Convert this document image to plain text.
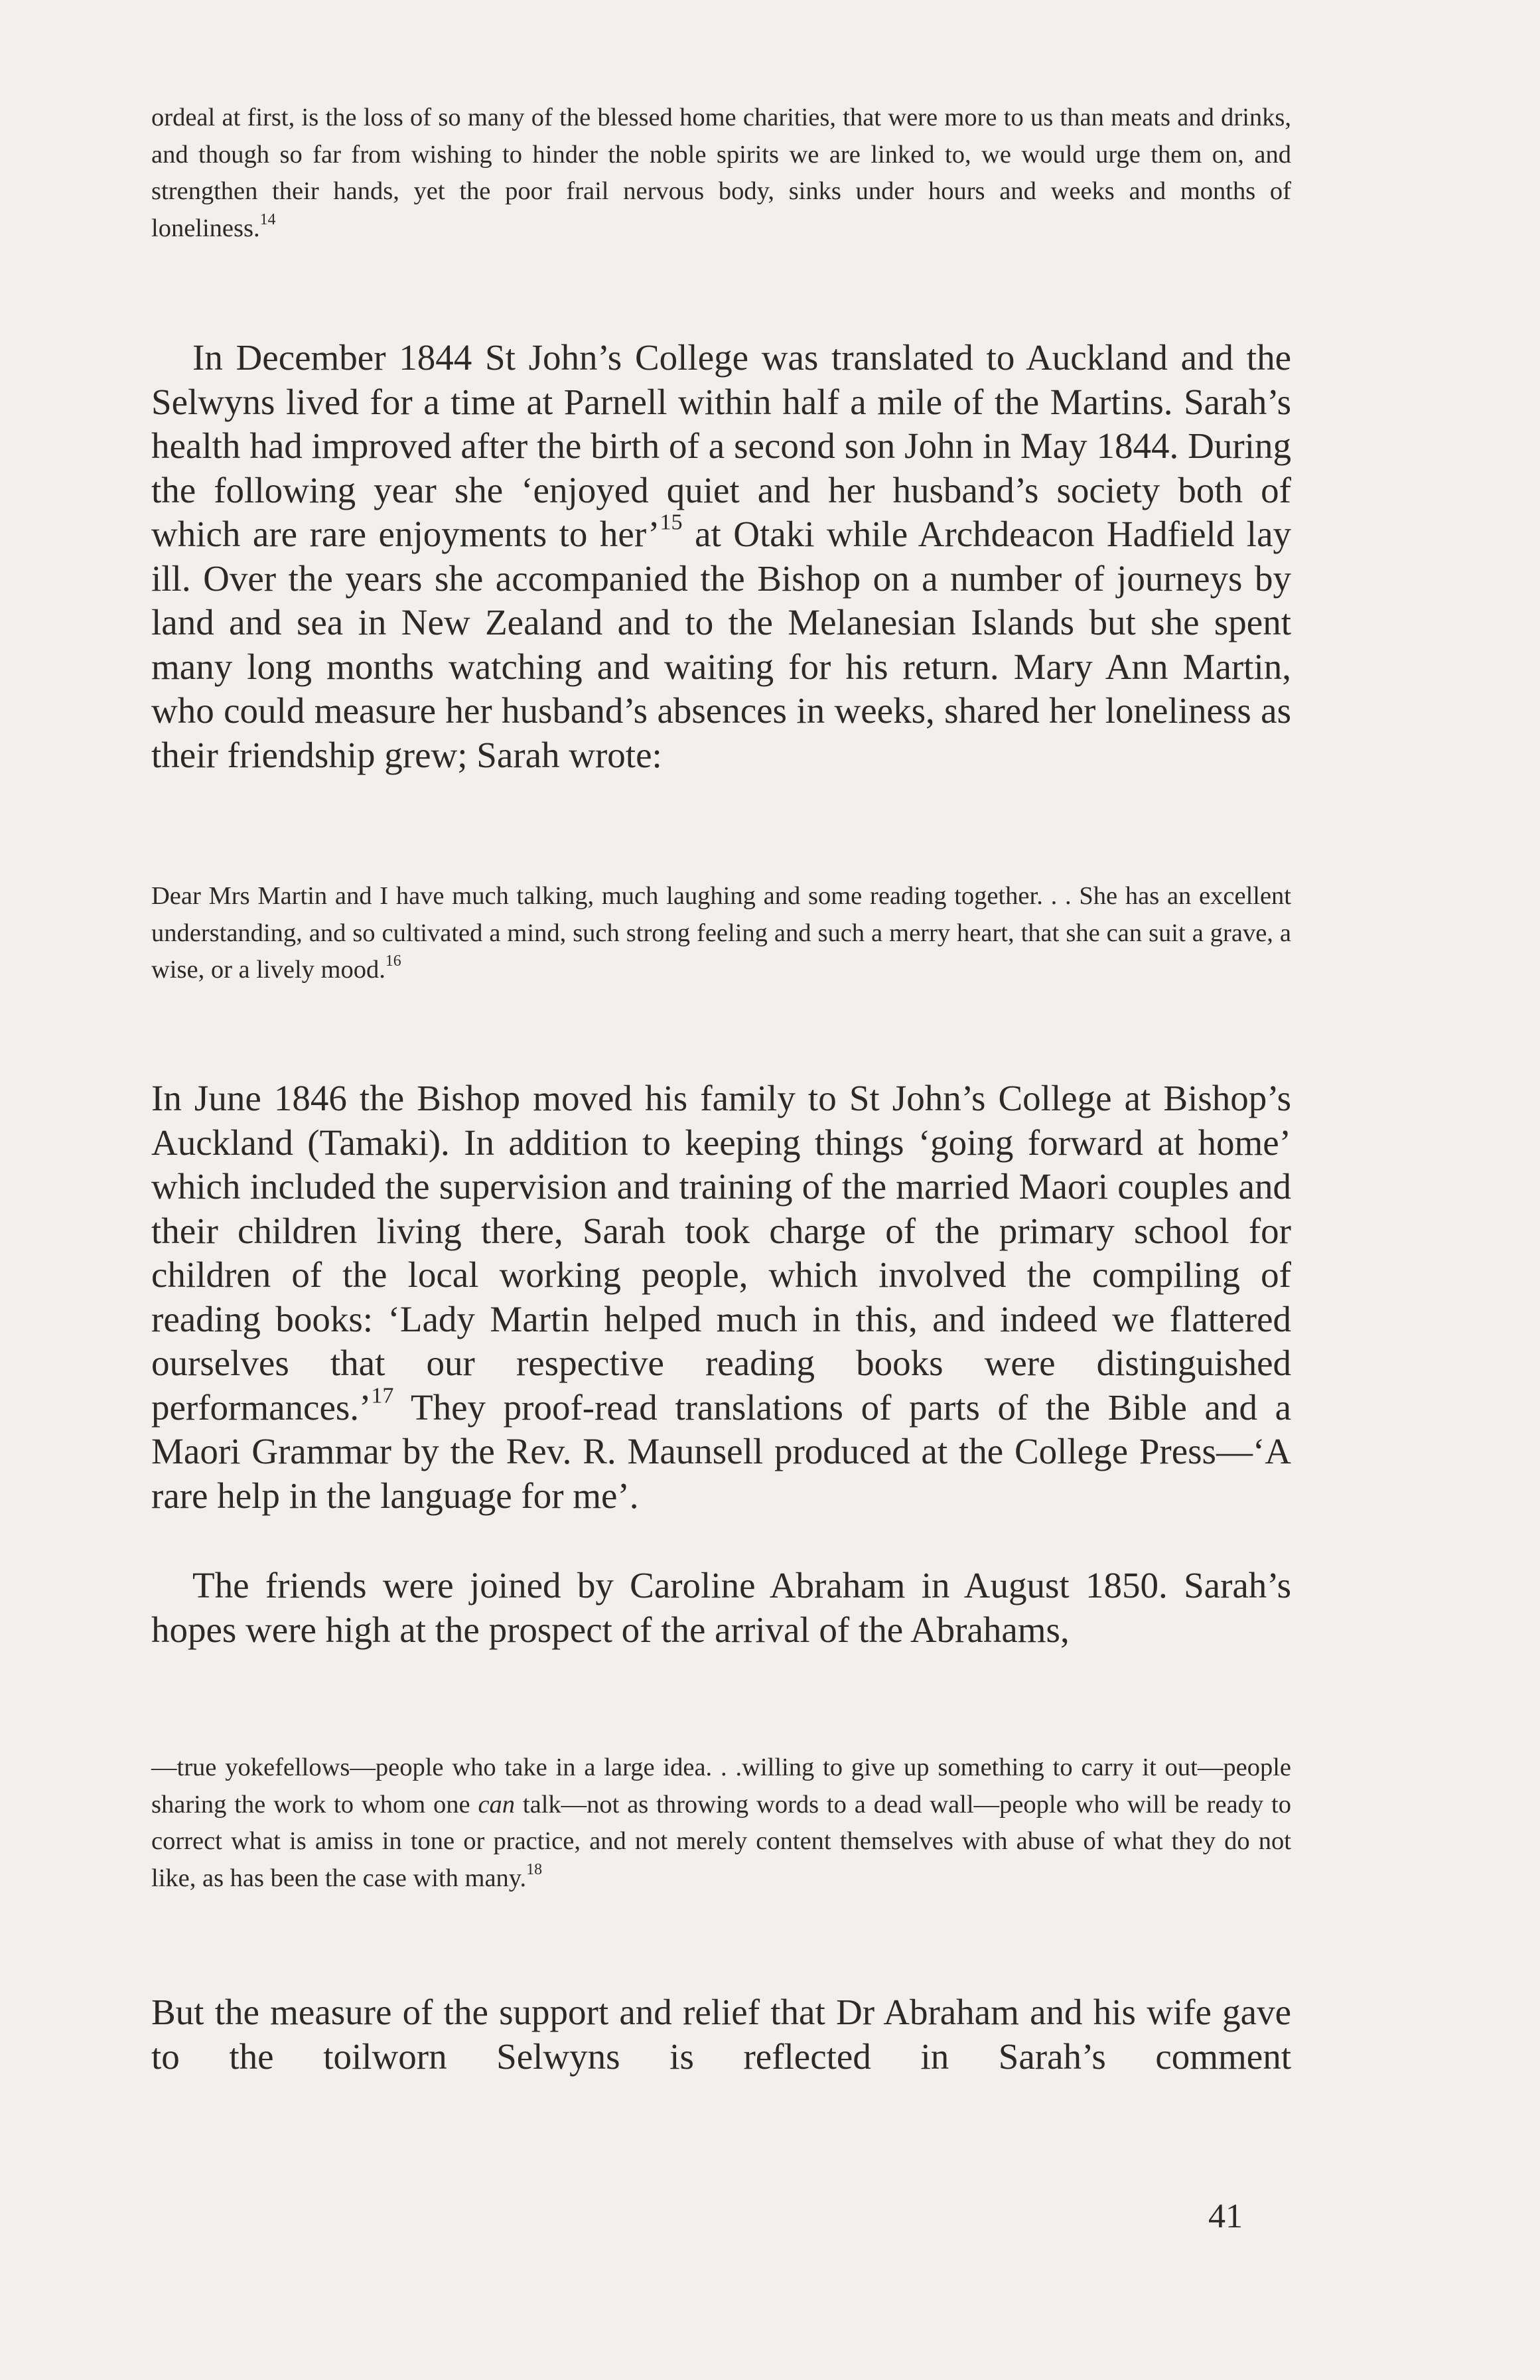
ordeal at first, is the loss of so many of the blessed home charities, that were more to us than meats and drinks, and though so far from wishing to hinder the noble spirits we are linked to, we would urge them on, and strengthen their hands, yet the poor frail nervous body, sinks under hours and weeks and months of loneliness.$^{14}$

In December 1844 St John’s College was translated to Auckland and the Selwyns lived for a time at Parnell within half a mile of the Martins. Sarah’s health had improved after the birth of a second son John in May 1844. During the following year she ‘enjoyed quiet and her husband’s society both of which are rare enjoyments to her’$^{15}$ at Otaki while Archdeacon Hadfield lay ill. Over the years she accompanied the Bishop on a number of journeys by land and sea in New Zealand and to the Melanesian Islands but she spent many long months watching and waiting for his return. Mary Ann Martin, who could measure her husband’s absences in weeks, shared her loneliness as their friendship grew; Sarah wrote:

Dear Mrs Martin and I have much talking, much laughing and some reading together. . . She has an excellent understanding, and so cultivated a mind, such strong feeling and such a merry heart, that she can suit a grave, a wise, or a lively mood.$^{16}$

In June 1846 the Bishop moved his family to St John’s College at Bishop’s Auckland (Tamaki). In addition to keeping things ‘going forward at home’ which included the supervision and training of the married Maori couples and their children living there, Sarah took charge of the primary school for children of the local working people, which involved the compiling of reading books: ‘Lady Martin helped much in this, and indeed we flattered ourselves that our respective reading books were distinguished performances.’$^{17}$ They proof-read translations of parts of the Bible and a Maori Grammar by the Rev. R. Maunsell produced at the College Press—‘A rare help in the language for me’.

The friends were joined by Caroline Abraham in August 1850. Sarah’s hopes were high at the prospect of the arrival of the Abrahams,

—true yokefellows—people who take in a large idea. . .willing to give up something to carry it out—people sharing the work to whom one can talk—not as throwing words to a dead wall—people who will be ready to correct what is amiss in tone or practice, and not merely content themselves with abuse of what they do not like, as has been the case with many.$^{18}$

But the measure of the support and relief that Dr Abraham and his wife gave to the toilworn Selwyns is reflected in Sarah’s comment

41
